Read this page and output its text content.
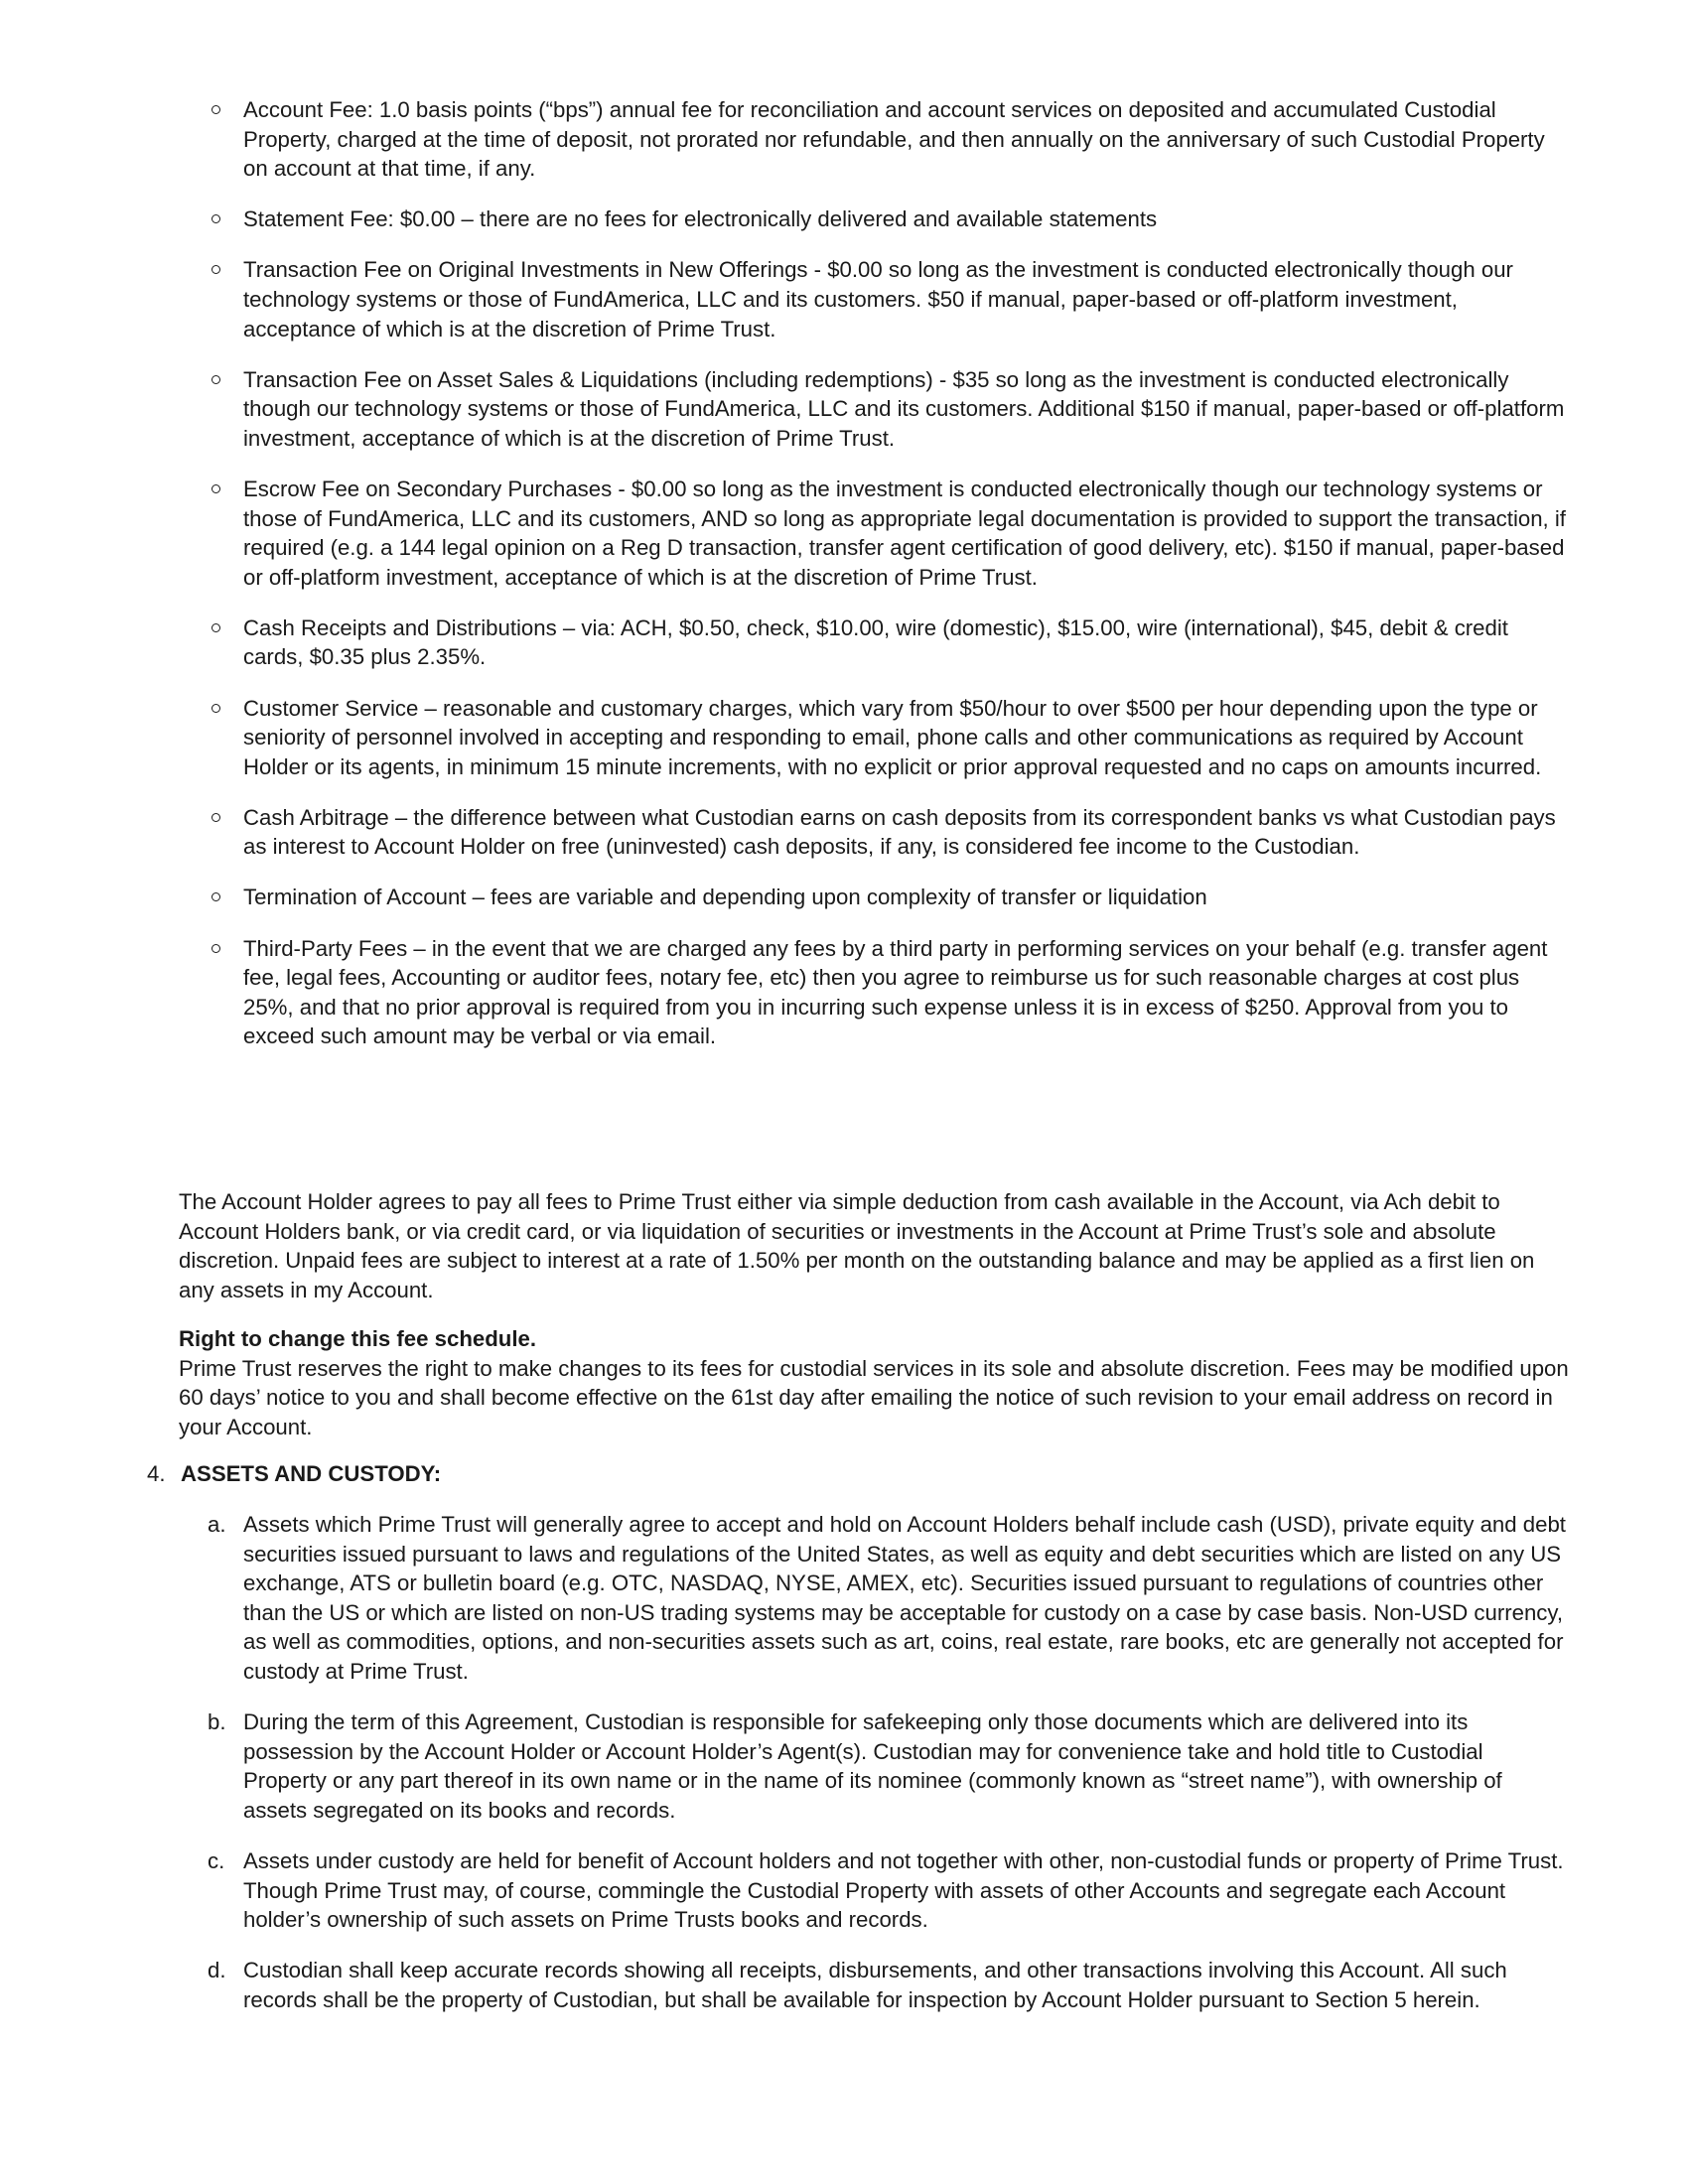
Account Fee: 1.0 basis points (“bps”) annual fee for reconciliation and account services on deposited and accumulated Custodial Property, charged at the time of deposit, not prorated nor refundable, and then annually on the anniversary of such Custodial Property on account at that time, if any.
Statement Fee: $0.00 – there are no fees for electronically delivered and available statements
Transaction Fee on Original Investments in New Offerings - $0.00 so long as the investment is conducted electronically though our technology systems or those of FundAmerica, LLC and its customers. $50 if manual, paper-based or off-platform investment, acceptance of which is at the discretion of Prime Trust.
Transaction Fee on Asset Sales & Liquidations (including redemptions) - $35 so long as the investment is conducted electronically though our technology systems or those of FundAmerica, LLC and its customers. Additional $150 if manual, paper-based or off-platform investment, acceptance of which is at the discretion of Prime Trust.
Escrow Fee on Secondary Purchases - $0.00 so long as the investment is conducted electronically though our technology systems or those of FundAmerica, LLC and its customers, AND so long as appropriate legal documentation is provided to support the transaction, if required (e.g. a 144 legal opinion on a Reg D transaction, transfer agent certification of good delivery, etc). $150 if manual, paper-based or off-platform investment, acceptance of which is at the discretion of Prime Trust.
Cash Receipts and Distributions – via: ACH, $0.50, check, $10.00, wire (domestic), $15.00, wire (international), $45, debit & credit cards, $0.35 plus 2.35%.
Customer Service – reasonable and customary charges, which vary from $50/hour to over $500 per hour depending upon the type or seniority of personnel involved in accepting and responding to email, phone calls and other communications as required by Account Holder or its agents, in minimum 15 minute increments, with no explicit or prior approval requested and no caps on amounts incurred.
Cash Arbitrage – the difference between what Custodian earns on cash deposits from its correspondent banks vs what Custodian pays as interest to Account Holder on free (uninvested) cash deposits, if any, is considered fee income to the Custodian.
Termination of Account – fees are variable and depending upon complexity of transfer or liquidation
Third-Party Fees – in the event that we are charged any fees by a third party in performing services on your behalf (e.g. transfer agent fee, legal fees, Accounting or auditor fees, notary fee, etc) then you agree to reimburse us for such reasonable charges at cost plus 25%, and that no prior approval is required from you in incurring such expense unless it is in excess of $250. Approval from you to exceed such amount may be verbal or via email.

The Account Holder agrees to pay all fees to Prime Trust either via simple deduction from cash available in the Account, via Ach debit to Account Holders bank, or via credit card, or via liquidation of securities or investments in the Account at Prime Trust’s sole and absolute discretion. Unpaid fees are subject to interest at a rate of 1.50% per month on the outstanding balance and may be applied as a first lien on any assets in my Account.

Right to change this fee schedule.
Prime Trust reserves the right to make changes to its fees for custodial services in its sole and absolute discretion. Fees may be modified upon 60 days’ notice to you and shall become effective on the 61st day after emailing the notice of such revision to your email address on record in your Account.

4. ASSETS AND CUSTODY:

a. Assets which Prime Trust will generally agree to accept and hold on Account Holders behalf include cash (USD), private equity and debt securities issued pursuant to laws and regulations of the United States, as well as equity and debt securities which are listed on any US exchange, ATS or bulletin board (e.g. OTC, NASDAQ, NYSE, AMEX, etc). Securities issued pursuant to regulations of countries other than the US or which are listed on non-US trading systems may be acceptable for custody on a case by case basis. Non-USD currency, as well as commodities, options, and non-securities assets such as art, coins, real estate, rare books, etc are generally not accepted for custody at Prime Trust.
b. During the term of this Agreement, Custodian is responsible for safekeeping only those documents which are delivered into its possession by the Account Holder or Account Holder’s Agent(s). Custodian may for convenience take and hold title to Custodial Property or any part thereof in its own name or in the name of its nominee (commonly known as “street name”), with ownership of assets segregated on its books and records.
c. Assets under custody are held for benefit of Account holders and not together with other, non-custodial funds or property of Prime Trust. Though Prime Trust may, of course, commingle the Custodial Property with assets of other Accounts and segregate each Account holder’s ownership of such assets on Prime Trusts books and records.
d. Custodian shall keep accurate records showing all receipts, disbursements, and other transactions involving this Account. All such records shall be the property of Custodian, but shall be available for inspection by Account Holder pursuant to Section 5 herein.
